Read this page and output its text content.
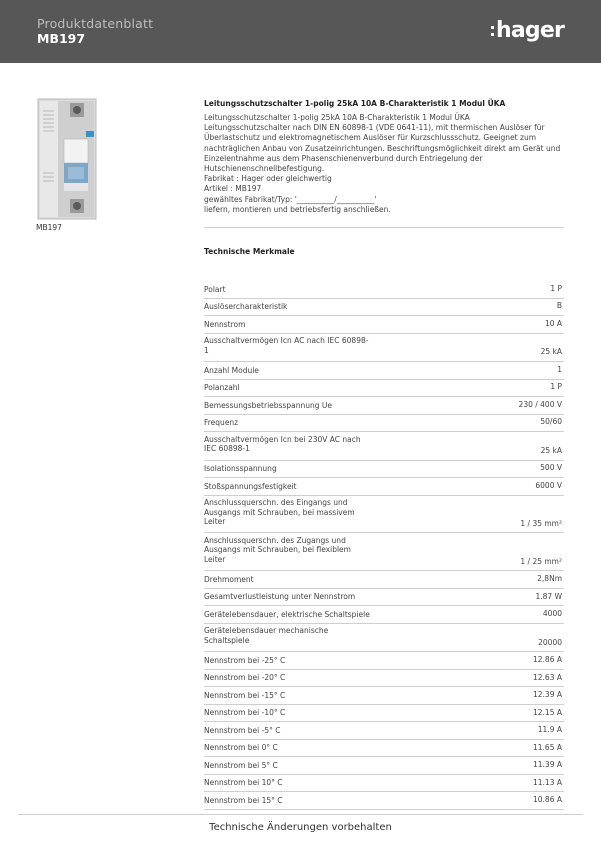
Produktdatenblatt
MB197	hager
MB197
Leitungsschutzschalter 1-polig 25kA 10A B-Charakteristik 1 Modul ÜKA
Leitungsschutzschalter 1-polig 25kA 10A B-Charakteristik 1 Modul ÜKA
Leitungsschutzschalter nach DIN EN 60898-1 (VDE 0641-11), mit thermischen Auslöser für
Überlastschutz und elektromagnetischem Auslöser für Kurzschlussschutz. Geeignet zum
nachträglichen Anbau von Zusatzeinrichtungen. Beschriftungsmöglichkeit direkt am Gerät und
Einzelentnahme aus dem Phasenschienenverbund durch Entriegelung der
Hutschienenschnellbefestigung.
Fabrikat : Hager oder gleichwertig
Artikel : MB197
gewähltes Fabrikat/Typ: '__________/__________'
liefern, montieren und betriebsfertig anschließen.
Technische Merkmale
Polart	1 P
Auslösercharakteristik	B
Nennstrom	10 A
Ausschaltvermögen Icn AC nach IEC 60898-
1	25 kA
Anzahl Module	1
Polanzahl	1 P
Bemessungsbetriebsspannung Ue	230 / 400 V
Frequenz	50/60
Ausschaltvermögen Icn bei 230V AC nach
IEC 60898-1	25 kA
Isolationsspannung	500 V
Stoßspannungsfestigkeit	6000 V
Anschlussquerschn. des Eingangs und
Ausgangs mit Schrauben, bei massivem
Leiter	1 / 35 mm²
Anschlussquerschn. des Zugangs und
Ausgangs mit Schrauben, bei flexiblem
Leiter	1 / 25 mm²
Drehmoment	2,8Nm
Gesamtverlustleistung unter Nennstrom	1.87 W
Gerätelebensdauer, elektrische Schaltspiele	4000
Gerätelebensdauer mechanische
Schaltspiele	20000
Nennstrom bei -25° C	12.86 A
Nennstrom bei -20° C	12.63 A
Nennstrom bei -15° C	12.39 A
Nennstrom bei -10° C	12.15 A
Nennstrom bei -5° C	11.9 A
Nennstrom bei 0° C	11.65 A
Nennstrom bei 5° C	11.39 A
Nennstrom bei 10° C	11.13 A
Nennstrom bei 15° C	10.86 A
Technische Änderungen vorbehalten
